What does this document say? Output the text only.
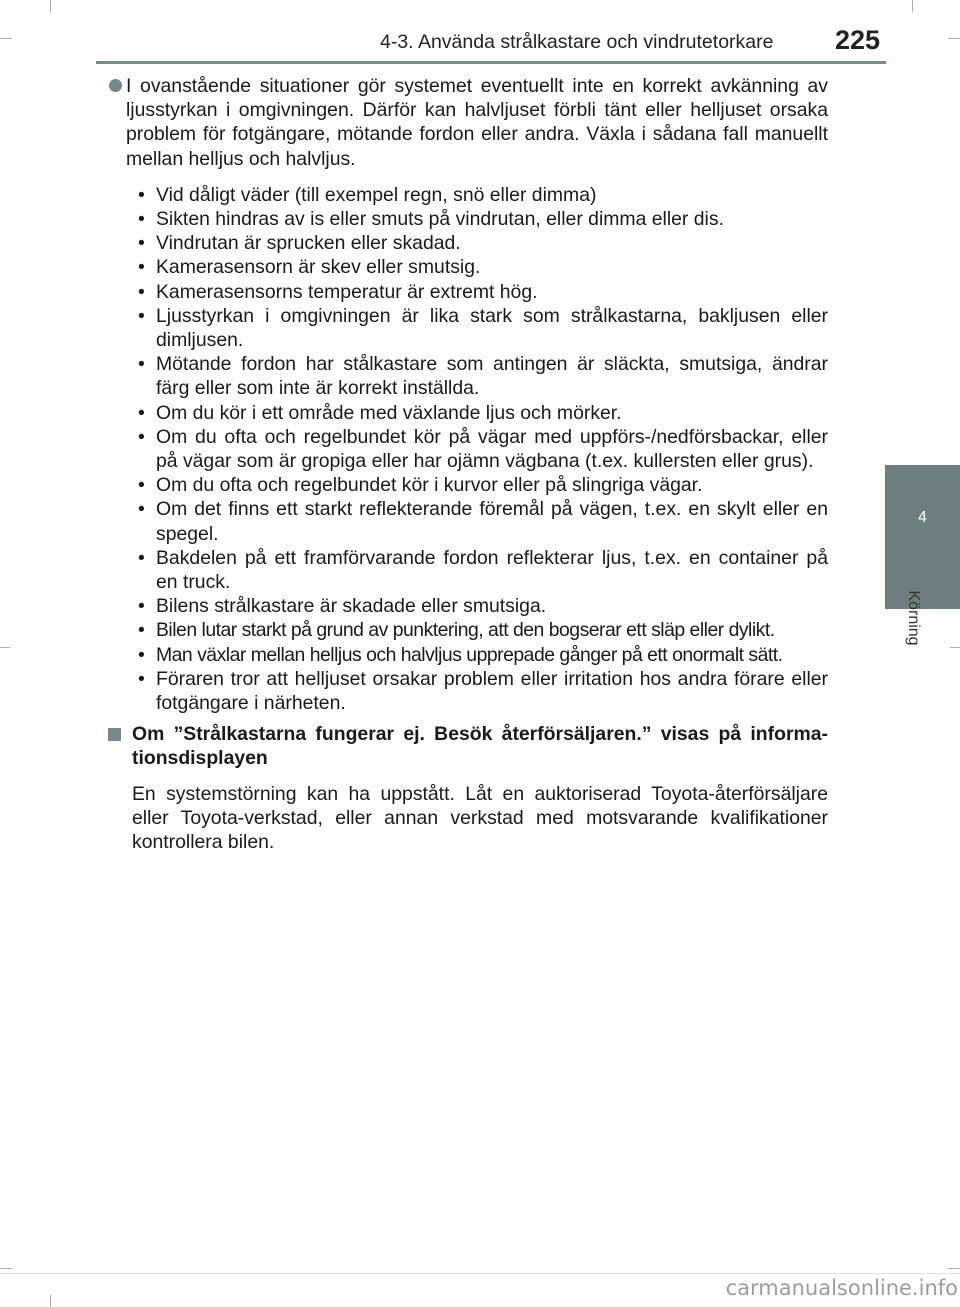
4-3. Använda strålkastare och vindrutetorkare	225
4
Körning
I ovanstående situationer gör systemet eventuellt inte en korrekt avkänning av ljusstyrkan i omgivningen. Därför kan halvljuset förbli tänt eller helljuset orsaka problem för fotgängare, mötande fordon eller andra. Växla i sådana fall manuellt mellan helljus och halvljus.
• Vid dåligt väder (till exempel regn, snö eller dimma)
• Sikten hindras av is eller smuts på vindrutan, eller dimma eller dis.
• Vindrutan är sprucken eller skadad.
• Kamerasensorn är skev eller smutsig.
• Kamerasensorns temperatur är extremt hög.
• Ljusstyrkan i omgivningen är lika stark som strålkastarna, bakljusen eller dimljusen.
• Mötande fordon har stålkastare som antingen är släckta, smutsiga, ändrar färg eller som inte är korrekt inställda.
• Om du kör i ett område med växlande ljus och mörker.
• Om du ofta och regelbundet kör på vägar med uppförs-/nedförsbackar, eller på vägar som är gropiga eller har ojämn vägbana (t.ex. kullersten eller grus).
• Om du ofta och regelbundet kör i kurvor eller på slingriga vägar.
• Om det finns ett starkt reflekterande föremål på vägen, t.ex. en skylt eller en spegel.
• Bakdelen på ett framförvarande fordon reflekterar ljus, t.ex. en container på en truck.
• Bilens strålkastare är skadade eller smutsiga.
• Bilen lutar starkt på grund av punktering, att den bogserar ett släp eller dylikt.
• Man växlar mellan helljus och halvljus upprepade gånger på ett onormalt sätt.
• Föraren tror att helljuset orsakar problem eller irritation hos andra förare eller fotgängare i närheten.
Om ”Strålkastarna fungerar ej. Besök återförsäljaren.” visas på informa-tionsdisplayen
En systemstörning kan ha uppstått. Låt en auktoriserad Toyota-återförsäljare eller Toyota-verkstad, eller annan verkstad med motsvarande kvalifikationer kontrollera bilen.
carmanualsonline.info
